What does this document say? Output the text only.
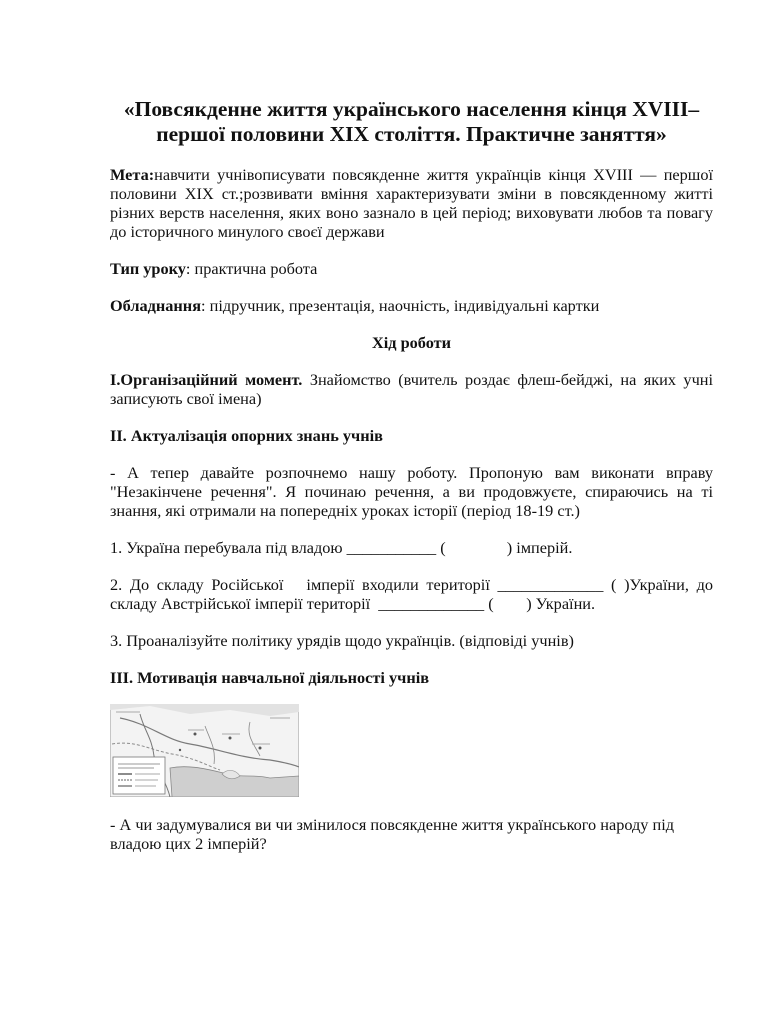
«Повсякденне життя українського населення кінця XVIII–першої половини ХІХ століття. Практичне заняття»

Мета:навчити учнівописувати повсякденне життя українців кінця XVIII — першої половини ХІХ ст.;розвивати вміння характеризувати зміни в повсякденному житті різних верств населення, яких воно зазнало в цей період; виховувати любов та повагу до історичного минулого своєї держави

Тип уроку: практична робота

Обладнання: підручник, презентація, наочність, індивідуальні картки

Хід роботи

I.Організаційний момент. Знайомство (вчитель роздає флеш-бейджі, на яких учні записують свої імена)

II. Актуалізація опорних знань учнів

- А тепер давайте розпочнемо нашу роботу. Пропоную вам виконати вправу "Незакінчене речення". Я починаю речення, а ви продовжуєте, спираючись на ті знання, які отримали на попередніх уроках історії (період 18-19 ст.)

1. Україна перебувала під владою ___________ (               ) імперій.

2. До складу Російської   імперії входили території _____________ ( )України, до складу Австрійської імперії території  _____________ (        ) України.

3. Проаналізуйте політику урядів щодо українців. (відповіді учнів)

III. Мотивація навчальної діяльності учнів

- А чи задумувалися ви чи змінилося повсякденне життя українського народу під владою цих 2 імперій?
